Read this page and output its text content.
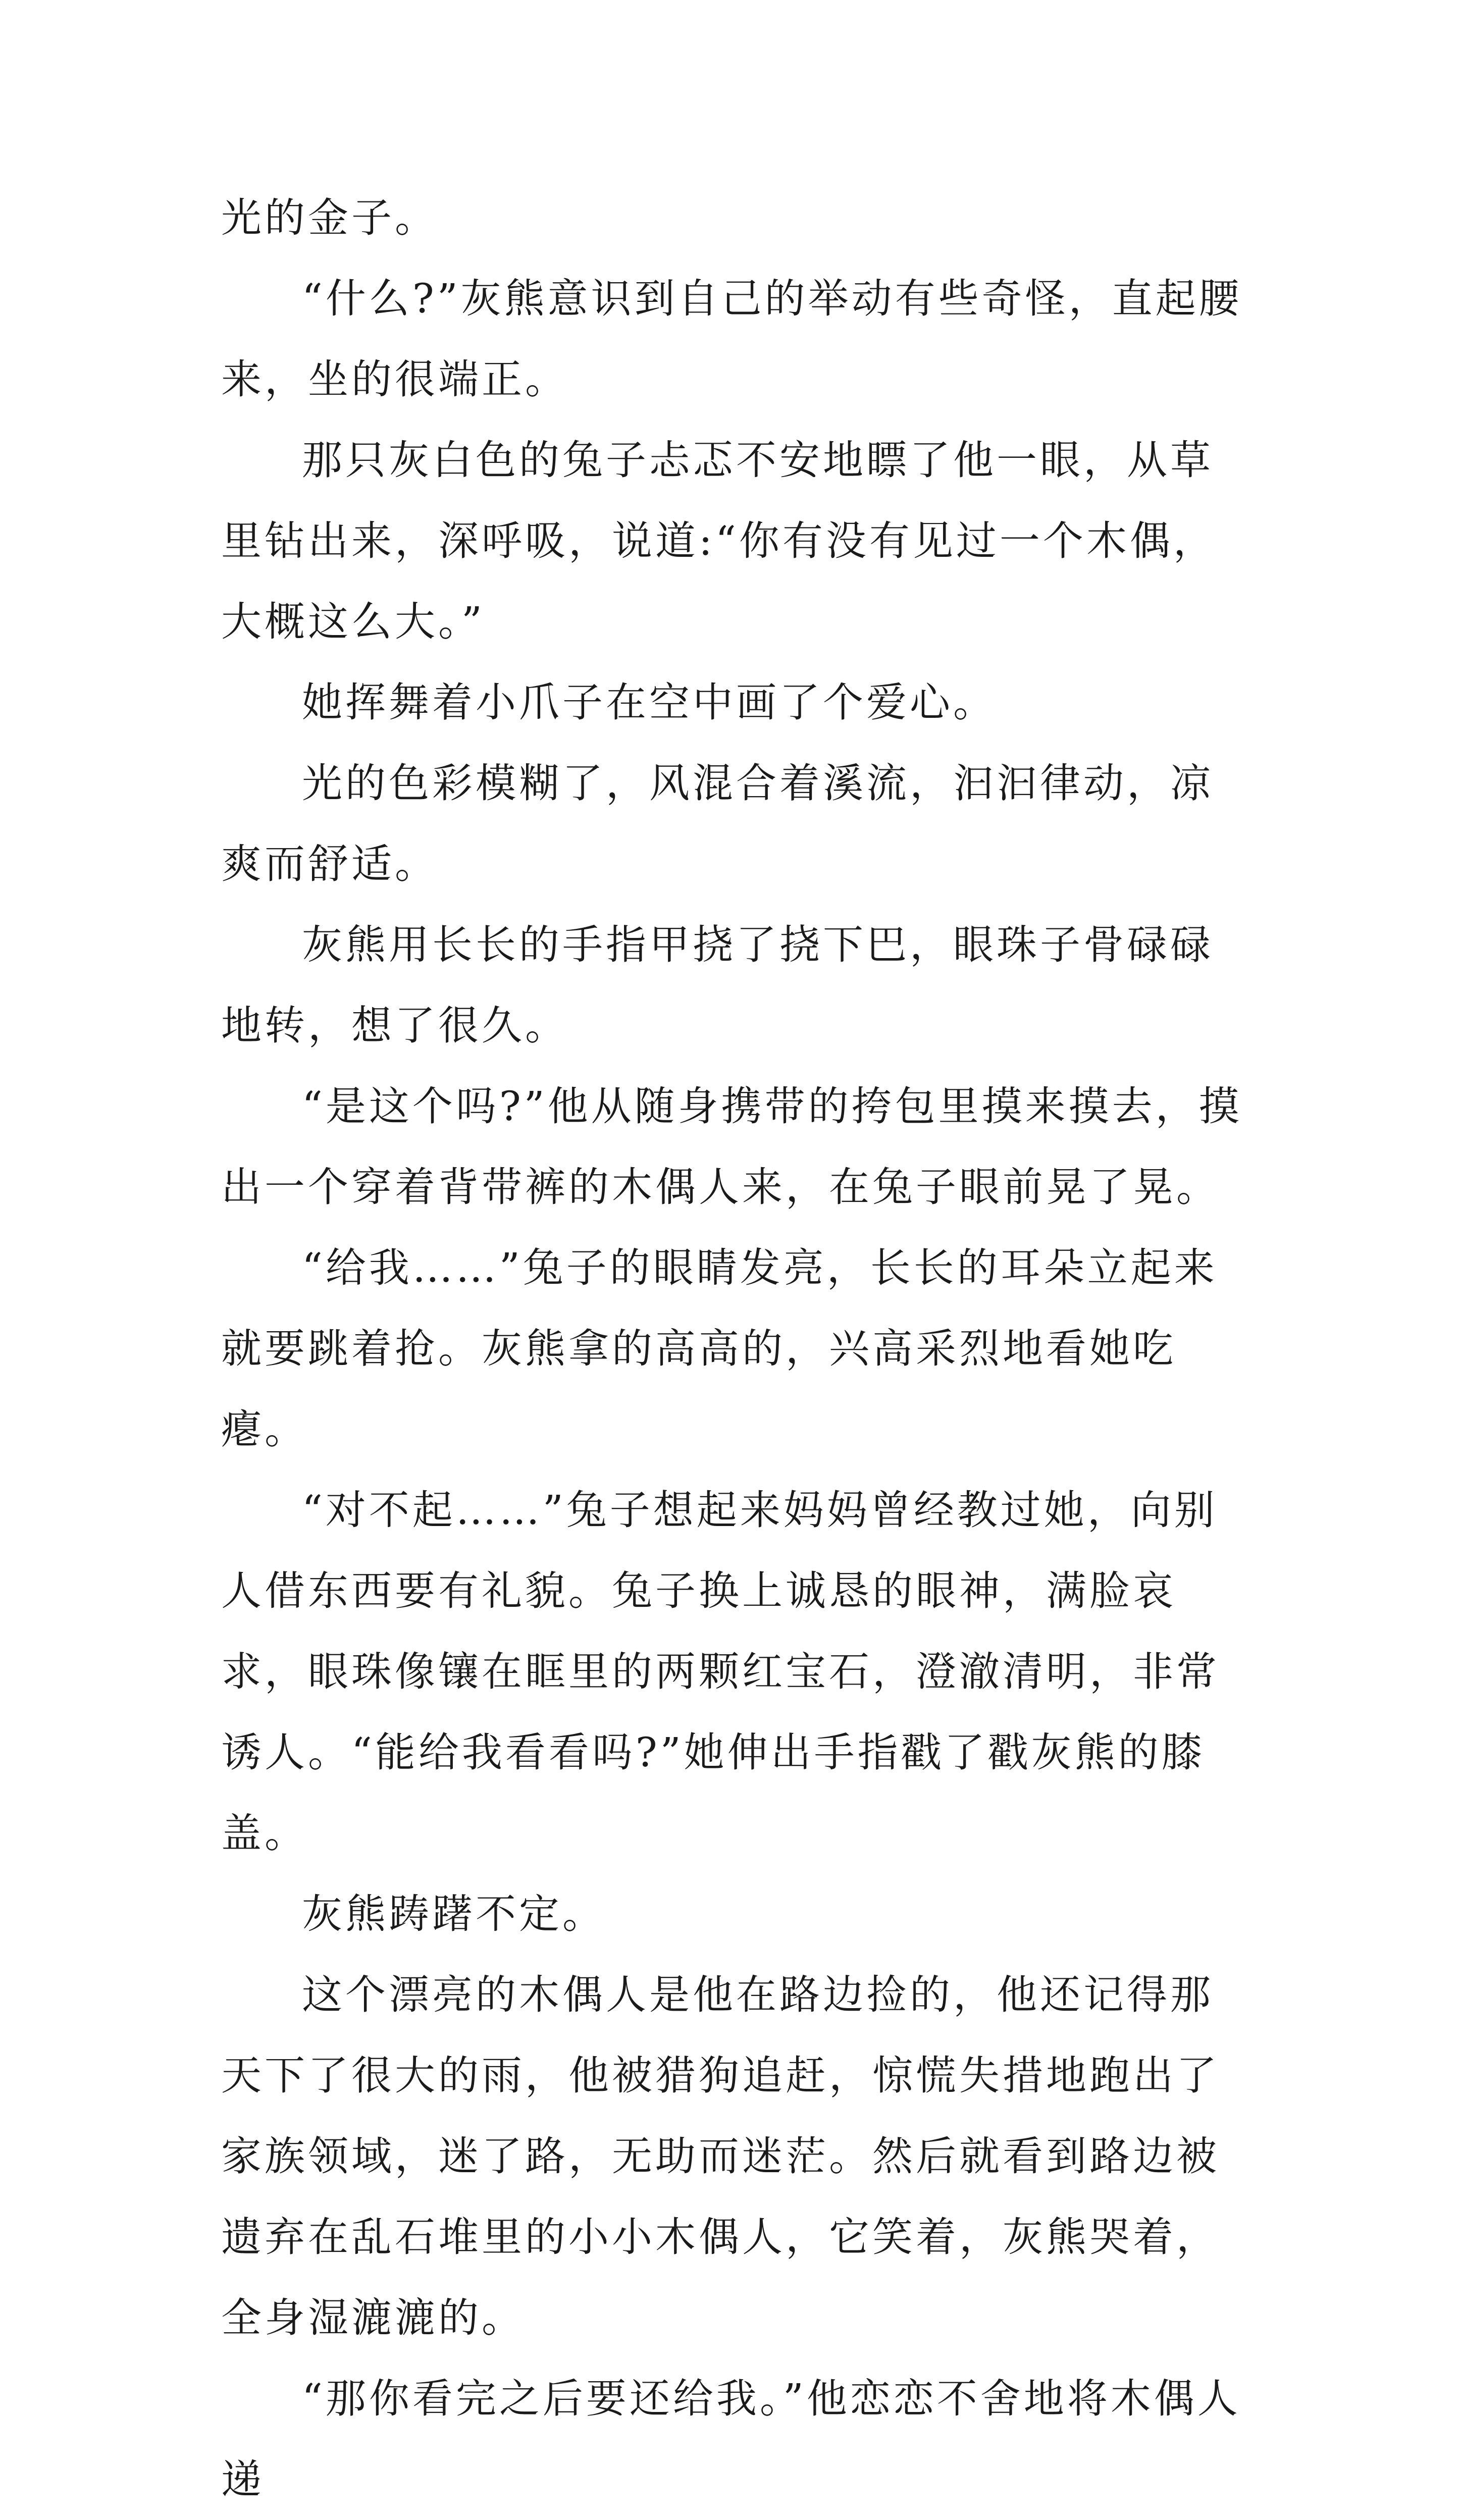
光的金子。

“什么?”灰熊意识到自己的举动有些奇怪，直起腰来，坐的很端正。

那只灰白色的兔子忐忑不安地瞟了他一眼，从草里钻出来，深呼吸，说道:“你有没有见过一个木偶，大概这么大。”

她挥舞着小爪子在空中画了个爱心。

光的色彩模糊了，风混合着溪流，汩汩律动，凉爽而舒适。

灰熊用长长的手指甲挠了挠下巴，眼珠子骨碌碌地转，想了很久。

“是这个吗?”他从随身携带的挎包里摸来摸去，摸出一个穿着背带裤的木偶人来，在兔子眼前晃了晃。

“给我……”兔子的眼睛发亮，长长的耳朵立起来就要跳着抢。灰熊拿的高高的，兴高采烈地看她吃瘪。

“对不起……”兔子想起来妈妈曾经教过她，向别人借东西要有礼貌。兔子换上诚恳的眼神，满脸哀求，眼珠像镶在眶里的两颗红宝石，澄澈清明，非常诱人。“能给我看看吗?”她伸出手指戳了戳灰熊的膝盖。

灰熊踌躇不定。

这个漂亮的木偶人是他在路边捡的，他还记得那天下了很大的雨，他被猎狗追赶，惊慌失措地跑出了家族领域，迷了路，无助而迷茫。然后就看到路边被遗弃在乱石堆里的小小木偶人，它笑着，灰熊哭着，全身湿漉漉的。

“那你看完之后要还给我。”他恋恋不舍地将木偶人递
